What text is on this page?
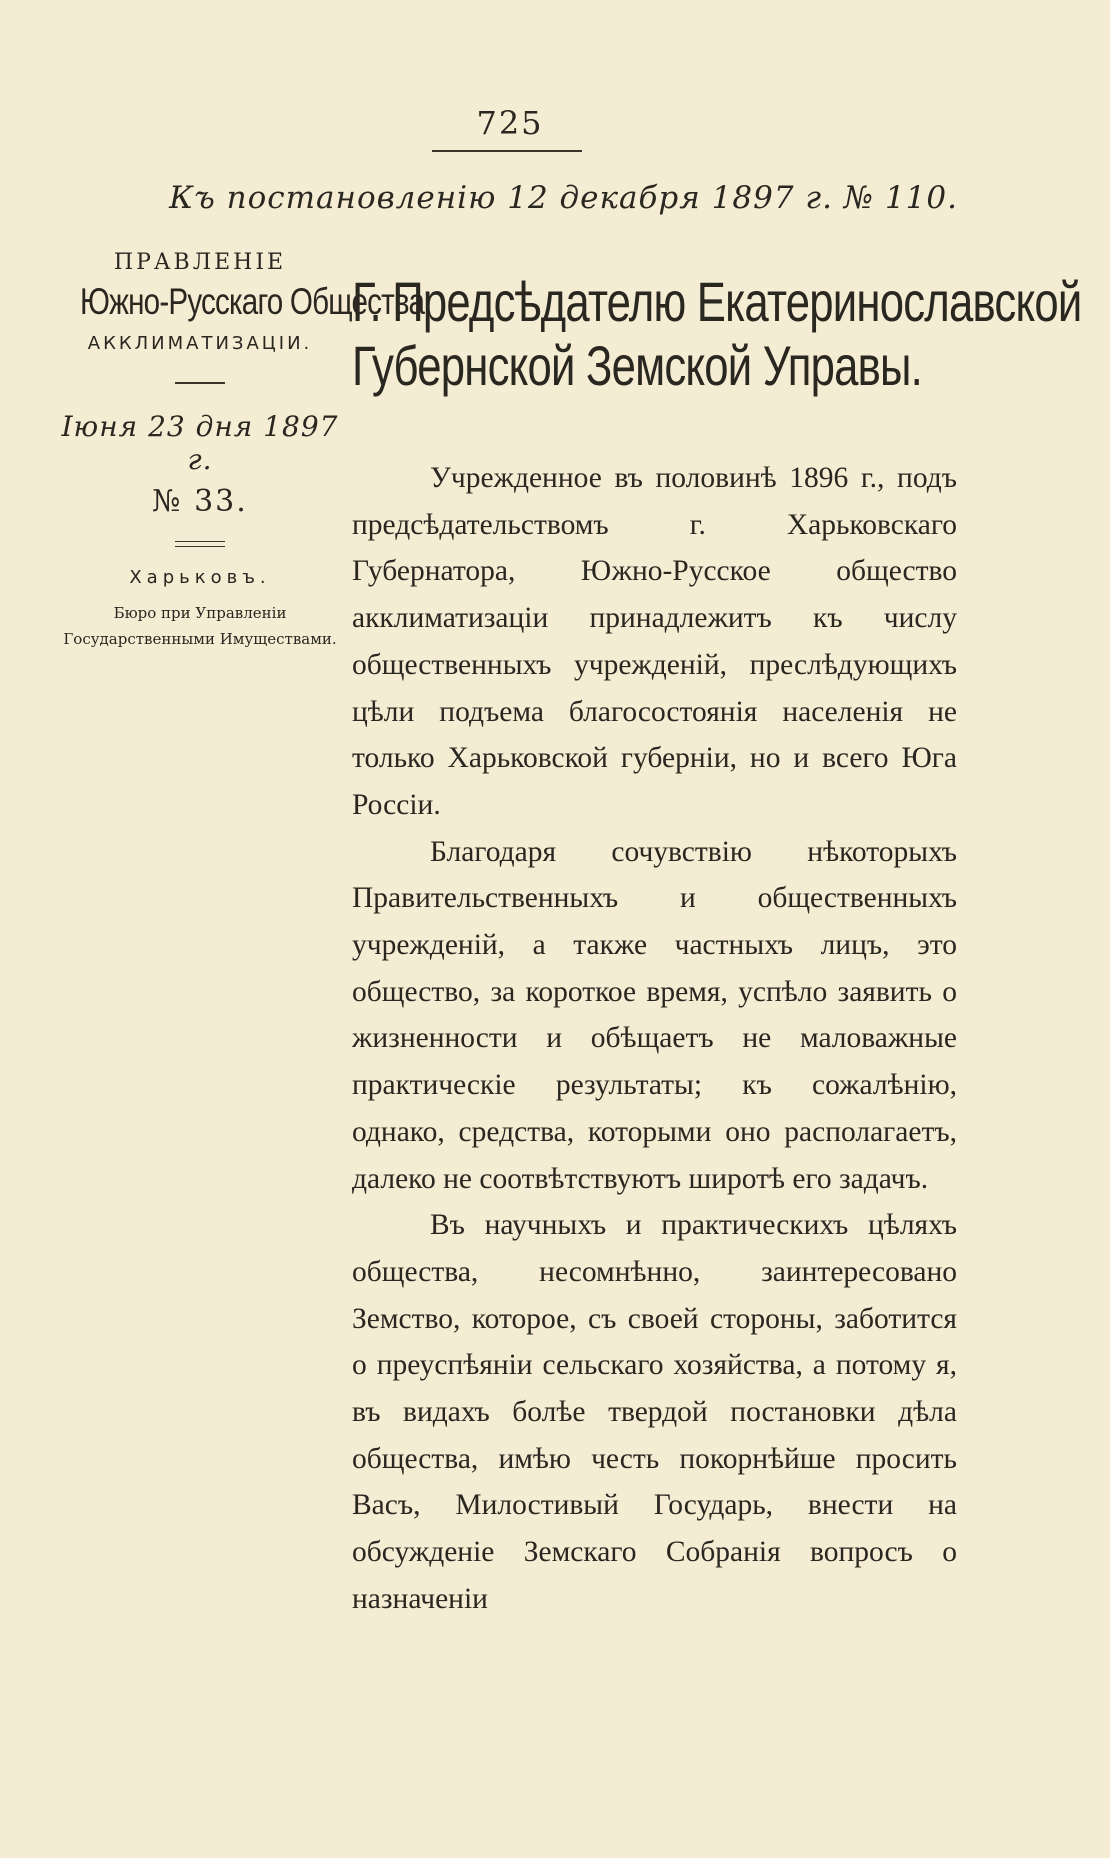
725
Къ постановленію 12 декабря 1897 г. № 110.
ПРАВЛЕНІЕ
Южно-Русскаго Общества
АККЛИМАТИЗАЦІИ.
Іюня 23 дня 1897 г.
№ 33.
Харьковъ.
Бюро при Управленіи Государственными Имуществами.
Г. Предсѣдателю Екатеринославской
Губернской Земской Управы.

Учрежденное въ половинѣ 1896 г., подъ предсѣдательствомъ г. Харьковскаго Губернатора, Южно-Русское общество акклиматизаціи принадлежитъ къ числу общественныхъ учрежденій, преслѣдующихъ цѣли подъема благосостоянія населенія не только Харьковской губерніи, но и всего Юга Россіи.

Благодаря сочувствію нѣкоторыхъ Правительственныхъ и общественныхъ учрежденій, а также частныхъ лицъ, это общество, за короткое время, успѣло заявить о жизненности и обѣщаетъ не маловажные практическіе результаты; къ сожалѣнію, однако, средства, которыми оно располагаетъ, далеко не соотвѣтствуютъ широтѣ его задачъ.

Въ научныхъ и практическихъ цѣляхъ общества, несомнѣнно, заинтересовано Земство, которое, съ своей стороны, заботится о преуспѣяніи сельскаго хозяйства, а потому я, въ видахъ болѣе твердой постановки дѣла общества, имѣю честь покорнѣйше просить Васъ, Милостивый Государь, внести на обсужденіе Земскаго Собранія вопросъ о назначеніи
